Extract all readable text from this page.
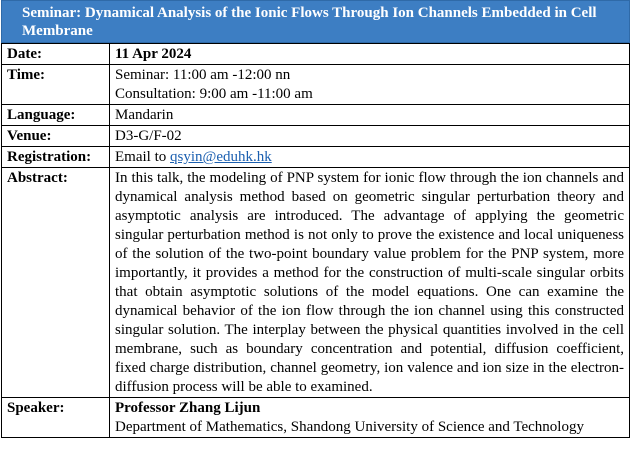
Seminar: Dynamical Analysis of the Ionic Flows Through Ion Channels Embedded in Cell Membrane
Date:	11 Apr 2024
Time:	Seminar: 11:00 am -12:00 nn
Consultation: 9:00 am -11:00 am

Language:	Mandarin
Venue:	D3-G/F-02
Registration:	Email to qsyin@eduhk.hk
Abstract:	In this talk, the modeling of PNP system for ionic flow through the ion channels and dynamical analysis method based on geometric singular perturbation theory and asymptotic analysis are introduced. The advantage of applying the geometric singular perturbation method is not only to prove the existence and local uniqueness of the solution of the two-point boundary value problem for the PNP system, more importantly, it provides a method for the construction of multi-scale singular orbits that obtain asymptotic solutions of the model equations. One can examine the dynamical behavior of the ion flow through the ion channel using this constructed singular solution. The interplay between the physical quantities involved in the cell membrane, such as boundary concentration and potential, diffusion coefficient, fixed charge distribution, channel geometry, ion valence and ion size in the electron-diffusion process will be able to examined.
Speaker:	Professor Zhang Lijun
Department of Mathematics, Shandong University of Science and Technology
